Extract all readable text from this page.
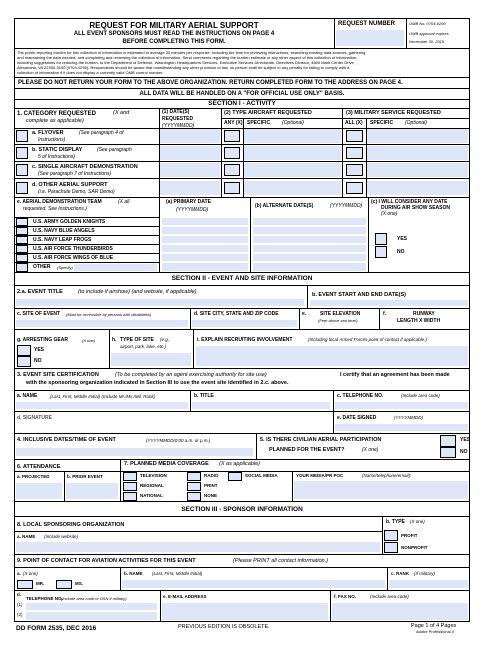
REQUEST FOR MILITARY AERIAL SUPPORT
ALL EVENT SPONSORS MUST READ THE INSTRUCTIONS ON PAGE 4
BEFORE COMPLETING THIS FORM.
REQUEST NUMBER	OMB No. 0704-0290
OMB approval expires
November 30, 2019
The public reporting burden for this collection of information is estimated to average 30 minutes per response, including the time for reviewing instructions, searching existing data sources, gathering
and maintaining the data needed, and completing and reviewing the collection of information. Send comments regarding the burden estimate or any other aspect of this collection of information,
including suggestions for reducing the burden, to the Department of Defense, Washington Headquarters Services, Executive Services Directorate, Directives Division, 4800 Mark Center Drive,
Alexandria, VA 22350-3100 (0704-0290). Respondents should be aware that notwithstanding any other provision of law, no person shall be subject to any penalty for failing to comply with a
collection of information if it does not display a currently valid OMB control number.
PLEASE DO NOT RETURN YOUR FORM TO THE ABOVE ORGANIZATION. RETURN COMPLETED FORM TO THE ADDRESS ON PAGE 4.
ALL DATA WILL BE HANDLED ON A "FOR OFFICIAL USE ONLY" BASIS.
SECTION I - ACTIVITY
1. CATEGORY REQUESTED	(X and
complete as applicable)
(1) DATE(S)
REQUESTED
(YYYYMMDD)
(2) TYPE AIRCRAFT REQUESTED
ANY (X) SPECIFIC (Optional)
(3) MILITARY SERVICE REQUESTED
ALL (X) SPECIFIC (Optional)
a. FLYOVER	(See paragraph 4 of
Instructions)
b. STATIC DISPLAY	(See paragraph
5 of Instructions)
c. SINGLE AIRCRAFT DEMONSTRATION
(See paragraph 7 of Instructions)
d. OTHER AERIAL SUPPORT
(i.e. Parachute Demo, SAR Demo)
e. AERIAL DEMONSTRATION TEAM	(X all
requested. See Instructions.)
(a) PRIMARY DATE
(YYYYMMDD)
(b) ALTERNATE DATE(S)	(YYYYMMDD)
(c) I WILL CONSIDER ANY DATE
DURING AIR SHOW SEASON
(X one)
U.S. ARMY GOLDEN KNIGHTS
U.S. NAVY BLUE ANGELS
U.S. NAVY LEAP FROGS
U.S. AIR FORCE THUNDERBIRDS
U.S. AIR FORCE WINGS OF BLUE
OTHER (Specify)
YES
NO
SECTION II - EVENT AND SITE INFORMATION
2.a. EVENT TITLE	(to include if airshow) (and website, if applicable)	b. EVENT START AND END DATE(S)
c. SITE OF EVENT (Must be accessible by persons with disabilities)	d. SITE CITY, STATE AND ZIP CODE	e.	SITE ELEVATION
(Feet above sea level)
f.	RUNWAY
LENGTH X WIDTH
g. ARRESTING GEAR	(X one)
YES
NO
h. TYPE OF SITE (e.g.,
airport, park, lake, etc.)
i. EXPLAIN RECRUITING INVOLVEMENT	(Including local Armed Forces point of contact if applicable.)
3. EVENT SITE CERTIFICATION	(To be completed by an agent exercising authority for site use)	I certify that an agreement has been made
with the sponsoring organization indicated in Section III to use the event site identified in 2.c. above.
a. NAME	(Last, First, Middle Initial) (Include Mr./Ms./Mil. Rank)	b. TITLE	c. TELEPHONE NO.	(Include area code)
d. SIGNATURE	e. DATE SIGNED	(YYYYMMDD)
4. INCLUSIVE DATES/TIME OF EVENT	(YYYYMMDD/0:00 a.m. or p.m.)	5. IS THERE CIVILIAN AERIAL PARTICIPATION
PLANNED FOR THE EVENT?	(X one)
YES
NO
6. ATTENDANCE	7. PLANNED MEDIA COVERAGE (X as applicable)
a. PROJECTED	b. PRIOR EVENT	TELEVISION
REGIONAL
NATIONAL
RADIO
PRINT
NONE
SOCIAL MEDIA	YOUR MEDIA/PR POC	(Name/telephone/email):
SECTION III - SPONSOR INFORMATION
8. LOCAL SPONSORING ORGANIZATION
a. NAME (Include website)
b. TYPE (X one)
PROFIT
NONPROFIT
9. POINT OF CONTACT FOR AVIATION ACTIVITIES FOR THIS EVENT	(Please PRINT all contact information.)
a. (X one)
MR.	MS.
b. NAME (Last, First, Middle Initial)	c. RANK (If military)
d.
TELEPHONE NO.
(Include area code or DSN if military)
(1)
(2)
e. E-MAIL ADDRESS	f. FAX NO.	(Include area code)
DD FORM 2535, DEC 2016	PREVIOUS EDITION IS OBSOLETE.	Page 1 of 4 Pages
Adobe Professional X
